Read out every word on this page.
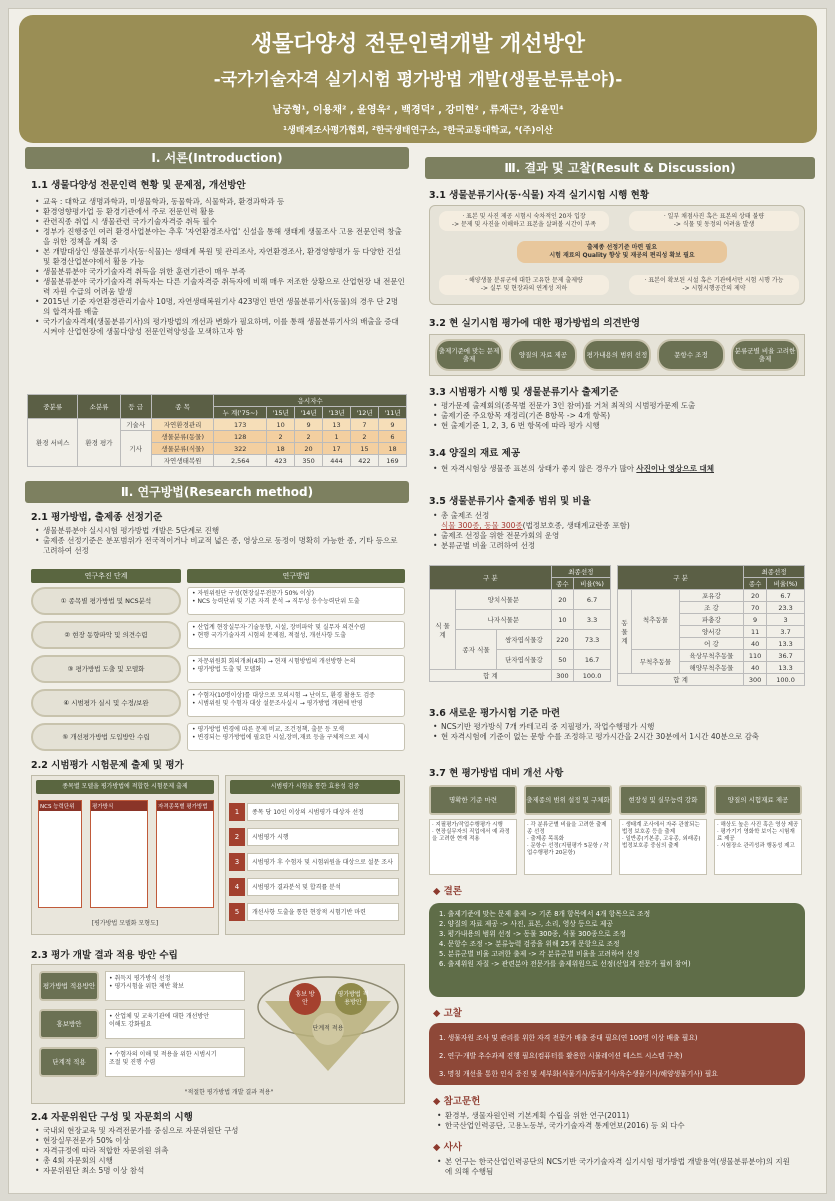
생물다양성 전문인력개발 개선방안
-국가기술자격 실기시험 평가방법 개발(생물분류분야)-
남궁형¹, 이용채² , 윤영욱² , 백경덕² , 강미현² , 류재근³, 강윤민⁴
¹생태계조사평가협회, ²한국생태연구소, ³한국교통대학교, ⁴(주)이산
Ⅰ. 서론(Introduction)
1.1 생물다양성 전문인력 현황 및 문제점, 개선방안
• 교육 : 대학교 생명과학과, 미생물학과, 동물학과, 식물학과, 환경과학과 등
• 환경영향평가업 등 환경기관에서 주로 전문인력 활용
• 관련직종 취업 시 생물관련 국가기술자격증 취득 필수
• 정부가 진행중인 여러 환경사업분야는 추후 '자연환경조사업' 신설을 통해 생태계 생물조사 고용 전문인력 창출을 위한 정책을 계획 중
• 본 개발대상인 생물분류기사(동·식물)는 생태계 복원 및 관리조사, 자연환경조사, 환경영향평가 등 다양한 건설 및 환경산업분야에서 활용 가능
• 생물분류분야 국가기술자격 취득을 위한 훈련기관이 매우 부족
• 생물분류분야 국가기술자격 취득자는 다른 기술자격증 취득자에 비해 매우 저조한 상황으로 산업현장 내 전문인력 자원 수급의 어려움 발생
• 2015년 기준 자연환경관리기술사 10명, 자연생태복원기사 423명인 반면 생물분류기사(동물)의 경우 단 2명의 합격자를 배출
• 국가기술자격제(생물분류기사)의 평가방법의 개선과 변화가 필요하며, 이를 통해 생물분류기사의 배출을 증대시켜야 산업현장에 생물다양성 전문인력양성을 모색하고자 함
중분류	소분류	등 급	종 목	응시자수					
				누 계('75~)	'15년	'14년	'13년	'12년	'11년
환경 서비스	환경 평가	기술사	자연환경관리	173	10	9	13	7	9
		기사	생물분류(동물)	128	2	2	1	2	6
			생물분류(식물)	322	18	20	17	15	18
			자연생태복원	2,564	423	350	444	422	169
Ⅱ. 연구방법(Research method)
2.1 평가방법, 출제종 선정기준
• 생물분류분야 실시시험 평가방법 개발은 5단계로 진행
• 출제종 선정기준은 분포범위가 전국적이거나 비교적 넓은 종, 영상으로 동정이 명확히 가능한 종, 기타 등으로 고려하여 선정
연구추진 단계	연구방법
2.2 시범평가 시험문제 출제 및 평가
종목별 모델을 평가방법에 적합한 시험문제 출제
NCS 능력단위	평가방식	자격종목별 평가방법
[평가방법 모델화 모형도]
시범평가 시험을 통한 효용성 검증
2.3 평가 개발 결과 적용 방안 수립
홍보 방안
평가방법 적용방안
단계적 적용
"적절한 평가방법 개발 결과 적용"
2.4 자문위원단 구성 및 자문회의 시행
• 국내외 현장교육 및 자격전문가를 중심으로 자문위원단 구성
• 현장실무전문가 50% 이상
• 자격규정에 따라 적합한 자문위원 위촉
• 총 4회 자문회의 시행
• 자문위원단 최소 5명 이상 참석
Ⅲ. 결과 및 고찰(Result & Discussion)
3.1 생물분류기사(동·식물) 자격 실기시험 시행 현황
· 표본 및 사진 제공 시험시 숙차적인 20자 입장
-> 문제 및 사진을 이해하고 표본을 살펴볼 시간이 부족
· 일부 채점사진 혹은 표본의 상태 불량
-> 식물 및 동정의 어려움 발생
출제종 선정기준 마련 필요
시험 재료의 Quality 향상 및 재공의 편리성 확보 필요
· 해양생물 분류군에 대한 고유한 문제 출제량
-> 실무 및 현장과의 연계성 저하
· 표본이 확보된 시설 혹은 기관에서만 시험 시행 가능
-> 시험시행공간의 제약
3.2 현 실기시험 평가에 대한 평가방법의 의견반영
3.3 시범평가 시행 및 생물분류기사 출제기준
• 평가문제 출제회의(종목별 전문가 3인 참여)를 거쳐 최적의 시범평가문제 도출
• 출제기준 주요항목 재정리(기존 8항목 -> 4개 항목)
• 현 출제기준 1, 2, 3, 6 번 항목에 따라 평가 시행
3.4 양질의 재료 제공
• 현 자격시험상 생물종 표본의 상태가 좋지 않은 경우가 많아 사진이나 영상으로 대체
3.5 생물분류기사 출제종 범위 및 비율
• 총 출제조 선정
식물 300종, 동물 300종(법정보호종, 생태계교란종 포함)
• 출제조 선정을 위한 전문가회의 운영
• 분류군별 비율 고려하여 선정
구 분			최종선정	
			종수	비율(%)
식 물 계	양치식물문		20	6.7
	나자식물문		10	3.3
	종자 식물	쌍자엽식물강	220	73.3
		단자엽식물강	50	16.7
합 계			300	100.0
구 분			최종선정	
			종수	비율(%)
동물계	척추동물	포유강	20	6.7
		조 강	70	23.3
		파충강	9	3
		양서강	11	3.7
		어 강	40	13.3
	무척추동물	육상무척추동물	110	36.7
		해양무척추동물	40	13.3
합 계			300	100.0
3.6 새로운 평가시험 기준 마련
• NCS기반 평가방식 7개 카테고리 중 지필평가, 작업수행평가 시행
• 현 자격시험에 기준이 없는 문항 수를 조정하고 평가시간을 2시간 30분에서 1시간 40분으로 감축
3.7 현 평가방법 대비 개선 사항
◆ 결론
1. 출제기준에 맞는 문제 출제 -> 기존 8개 항목에서 4개 항목으로 조정
2. 양질의 자료 제공 -> 사진, 표본, 소리, 영상 등으로 제공
3. 평가내용의 범위 선정 -> 동물 300종, 식물 300종으로 조정
4. 문항수 조정 -> 분류능력 검증을 위해 25개 문항으로 조정
5. 분류군별 비율 고려한 출제 -> 각 분류군별 비율을 고려하여 선정
6. 출제위원 자질 -> 관련분야 전문가를 출제위원으로 선정(산업계 전문가 필히 참여)
◆ 고찰
1. 생물자원 조사 및 관리를 위한 자격 전문가 배출 증대 필요(연 100명 이상 배출 필요)
2. 연구·개발 추수과제 진행 필요(컴퓨터를 활용한 시뮬레이션 테스트 시스템 구축)
3. 명칭 개선을 통한 인식 증진 및 세부화(식물기사/동물기사/육수생물기사/해양생물기사) 필요
◆ 참고문헌
• 환경부, 생물자원인력 기본계획 수립을 위한 연구(2011)
• 한국산업인력공단, 고용노동부, 국가기술자격 통계연보(2016) 등 외 다수
◆ 사사
• 본 연구는 한국산업인력공단의 NCS기반 국가기술자격 실기시험 평가방법 개발용역(생물분류분야)의 지원에 의해 수행됨
① 종목별 평가방법 및 NCS분석
• 자원위원단 구성(현장실무전문가 50% 이상)
• NCS 능력단위 및 기존 자격 분석 → 직무성 응수능력단위 도출
② 현장 동향파악 및 의견수렴
• 산업계 현장실무자·기술동향, 시설, 장비파악 및 실무자 의견수렴
• 현행 국가기술자격 시험의 문제점, 적절성, 개선사항 도출
③ 평가방법 도출 및 모델화
• 자문위원회 회의개최(4회) → 현재 시험방법의 개선방향 논의
• 평가방법 도출 및 모델화
④ 시범평가 실시 및 수정/보완
• 수험자(10명이상)를 대상으로 모의시험 → 난이도, 환경 활용도 검증
• 시범위원 및 수험자 대상 설문조사실시 → 평가방법 개편에 반영
⑤ 개선평가방법 도입방안 수립
• 평가방법 변경에 따른 문제 비교, 조건정책, 출문 등 모색
• 변경되는 평가방법에 필요한 시설,장비,재료 등을 구체적으로 제시
1	종목 당 10인 이상의 시범평가 대상자 선정
2	시범평가 시행
3	시범평가 후 수험자 및 시험위원을 대상으로 설문 조사
4	시범평가 결과분석 및 합격률 분석
5	개선사항 도출을 통한 현장적 시험기반 마련
평가방법 적용방안
• 취득지 평가방식 선정
• 평가시험을 위한 제반 확보
홍보방안
• 산업체 및 교육기관에 대한 개선방안
이해도 강화필요
단계적 적용
• 수험자의 이해 및 적용을 위한 시범시기
조절 및 진행 수렴
출제기준에 맞는 문제 출제	양질의 자료 제공	평가내용의 범위 선정	문항수 조정	분류군별 비율 고려한 출제
명확한 기준 마련
· 지필평가/작업수행평가 시행
· 현장실무자의 직업에서 예 과정을 고려한 현재 적용
출제종의 범위 설정 및 구체화
· 각 분류군별 비율을 고려한 출제종 선정
· 출제종 목록화
· 문항수 선정(지필평가 5문항 / 작업수행평가 20문항)
현장성 및 실무능력 강화
· 생태계 조사에서 자주 관찰되는 법정 보호종 등을 출제
· 일반종(기본종, 고유종, 외래종) 법정보호종 중심의 출제
양질의 시험재료 제공
· 해상도 높은 사진 혹은 영상 제공
· 평가기기 영화학 보이는 시험재료 제공
· 시험장소 관리성과 행동성 제고
